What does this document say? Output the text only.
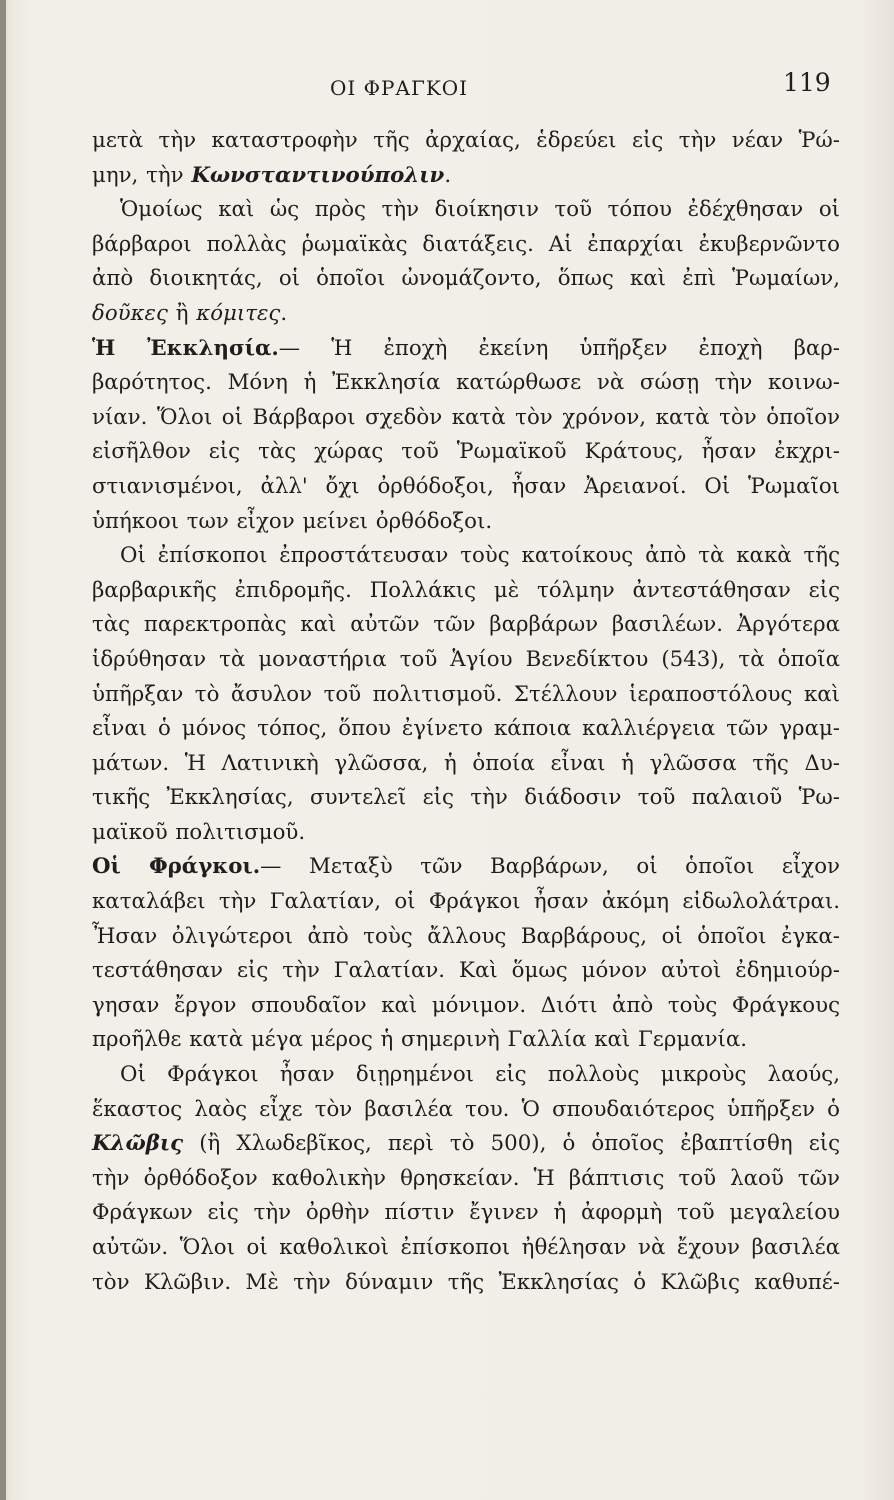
ΟΙ ΦΡΑΓΚΟΙ	119
μετὰ τὴν καταστροφὴν τῆς ἀρχαίας, ἑδρεύει εἰς τὴν νέαν Ῥώ-
μην, τὴν Κωνσταντινούπολιν.
Ὁμοίως καὶ ὡς πρὸς τὴν διοίκησιν τοῦ τόπου ἐδέχθησαν οἱ
βάρβαροι πολλὰς ῥωμαϊκὰς διατάξεις. Αἱ ἐπαρχίαι ἐκυβερνῶντο
ἀπὸ διοικητάς, οἱ ὁποῖοι ὠνομάζοντο, ὅπως καὶ ἐπὶ Ῥωμαίων,
δοῦκες ἢ κόμιτες.
Ἡ Ἐκκλησία.— Ἡ ἐποχὴ ἐκείνη ὑπῆρξεν ἐποχὴ βαρ-
βαρότητος. Μόνη ἡ Ἐκκλησία κατώρθωσε νὰ σώσῃ τὴν κοινω-
νίαν. Ὅλοι οἱ Βάρβαροι σχεδὸν κατὰ τὸν χρόνον, κατὰ τὸν ὁποῖον
εἰσῆλθον εἰς τὰς χώρας τοῦ Ῥωμαϊκοῦ Κράτους, ἦσαν ἐκχρι-
στιανισμένοι, ἀλλ' ὄχι ὀρθόδοξοι, ἦσαν Ἀρειανοί. Οἱ Ῥωμαῖοι
ὑπήκοοι των εἶχον μείνει ὀρθόδοξοι.
Οἱ ἐπίσκοποι ἐπροστάτευσαν τοὺς κατοίκους ἀπὸ τὰ κακὰ τῆς
βαρβαρικῆς ἐπιδρομῆς. Πολλάκις μὲ τόλμην ἀντεστάθησαν εἰς
τὰς παρεκτροπὰς καὶ αὐτῶν τῶν βαρβάρων βασιλέων. Ἀργότερα
ἱδρύθησαν τὰ μοναστήρια τοῦ Ἁγίου Βενεδίκτου (543), τὰ ὁποῖα
ὑπῆρξαν τὸ ἄσυλον τοῦ πολιτισμοῦ. Στέλλουν ἱεραποστόλους καὶ
εἶναι ὁ μόνος τόπος, ὅπου ἐγίνετο κάποια καλλιέργεια τῶν γραμ-
μάτων. Ἡ Λατινικὴ γλῶσσα, ἡ ὁποία εἶναι ἡ γλῶσσα τῆς Δυ-
τικῆς Ἐκκλησίας, συντελεῖ εἰς τὴν διάδοσιν τοῦ παλαιοῦ Ῥω-
μαϊκοῦ πολιτισμοῦ.
Οἱ Φράγκοι.— Μεταξὺ τῶν Βαρβάρων, οἱ ὁποῖοι εἶχον
καταλάβει τὴν Γαλατίαν, οἱ Φράγκοι ἦσαν ἀκόμη εἰδωλολάτραι.
Ἦσαν ὀλιγώτεροι ἀπὸ τοὺς ἄλλους Βαρβάρους, οἱ ὁποῖοι ἐγκα-
τεστάθησαν εἰς τὴν Γαλατίαν. Καὶ ὅμως μόνον αὐτοὶ ἐδημιούρ-
γησαν ἔργον σπουδαῖον καὶ μόνιμον. Διότι ἀπὸ τοὺς Φράγκους
προῆλθε κατὰ μέγα μέρος ἡ σημερινὴ Γαλλία καὶ Γερμανία.
Οἱ Φράγκοι ἦσαν διῃρημένοι εἰς πολλοὺς μικροὺς λαούς,
ἕκαστος λαὸς εἶχε τὸν βασιλέα του. Ὁ σπουδαιότερος ὑπῆρξεν ὁ
Κλῶβις (ἢ Χλωδεβῖκος, περὶ τὸ 500), ὁ ὁποῖος ἐβαπτίσθη εἰς
τὴν ὀρθόδοξον καθολικὴν θρησκείαν. Ἡ βάπτισις τοῦ λαοῦ τῶν
Φράγκων εἰς τὴν ὀρθὴν πίστιν ἔγινεν ἡ ἀφορμὴ τοῦ μεγαλείου
αὐτῶν. Ὅλοι οἱ καθολικοὶ ἐπίσκοποι ἠθέλησαν νὰ ἔχουν βασιλέα
τὸν Κλῶβιν. Μὲ τὴν δύναμιν τῆς Ἐκκλησίας ὁ Κλῶβις καθυπέ-
